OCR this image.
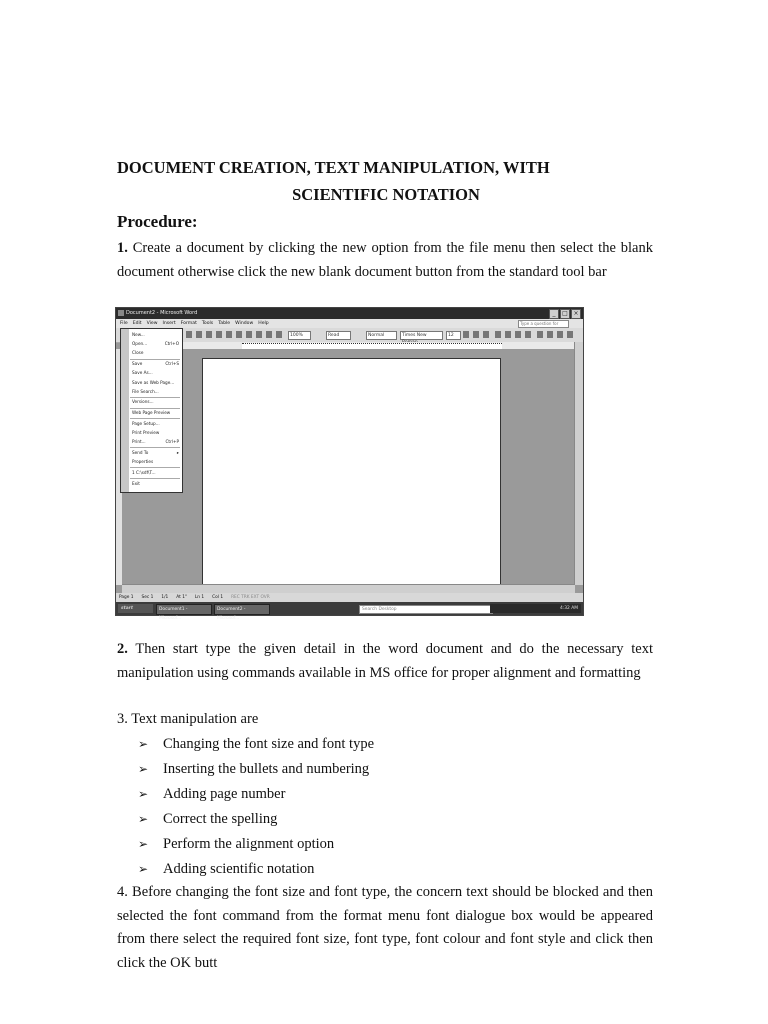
DOCUMENT CREATION, TEXT MANIPULATION, WITH
SCIENTIFIC NOTATION
Procedure:
1. Create a document by clicking the new option from the file menu then select the blank document otherwise click the new blank document button from the standard tool bar
Document2 - Microsoft Word	_	□ ×
File Edit View Insert Format Tools Table Window Help	Type a question for
100%	Read	Normal	Times New	12
New...
Open...	Ctrl+O
Close
Save	Ctrl+S
Save As...
Save as Web Page...
File Search...
Versions...
Web Page Preview
Page Setup...
Print Preview
Print...	Ctrl+P
Send To	▸
Properties
1 C:\sdf\T...
Exit
Page 1 Sec 1 1/1 At 1" Ln 1 Col 1 REC TRK EXT OVR
start	Document1 - Microsof...
Document2 - Microsof...
Search Desktop	4:32 AM
2. Then start type the given detail in the word document and do the necessary text manipulation using commands available in MS office for proper alignment and formatting
3. Text manipulation are
➢	Changing the font size and font type
➢	Inserting the bullets and numbering
➢	Adding page number
➢	Correct the spelling
➢	Perform the alignment option
➢	Adding scientific notation
4. Before changing the font size and font type, the concern text should be blocked and then selected the font command from the format menu font dialogue box would be appeared from there select the required font size, font type, font colour and font style and click then click the OK butt
